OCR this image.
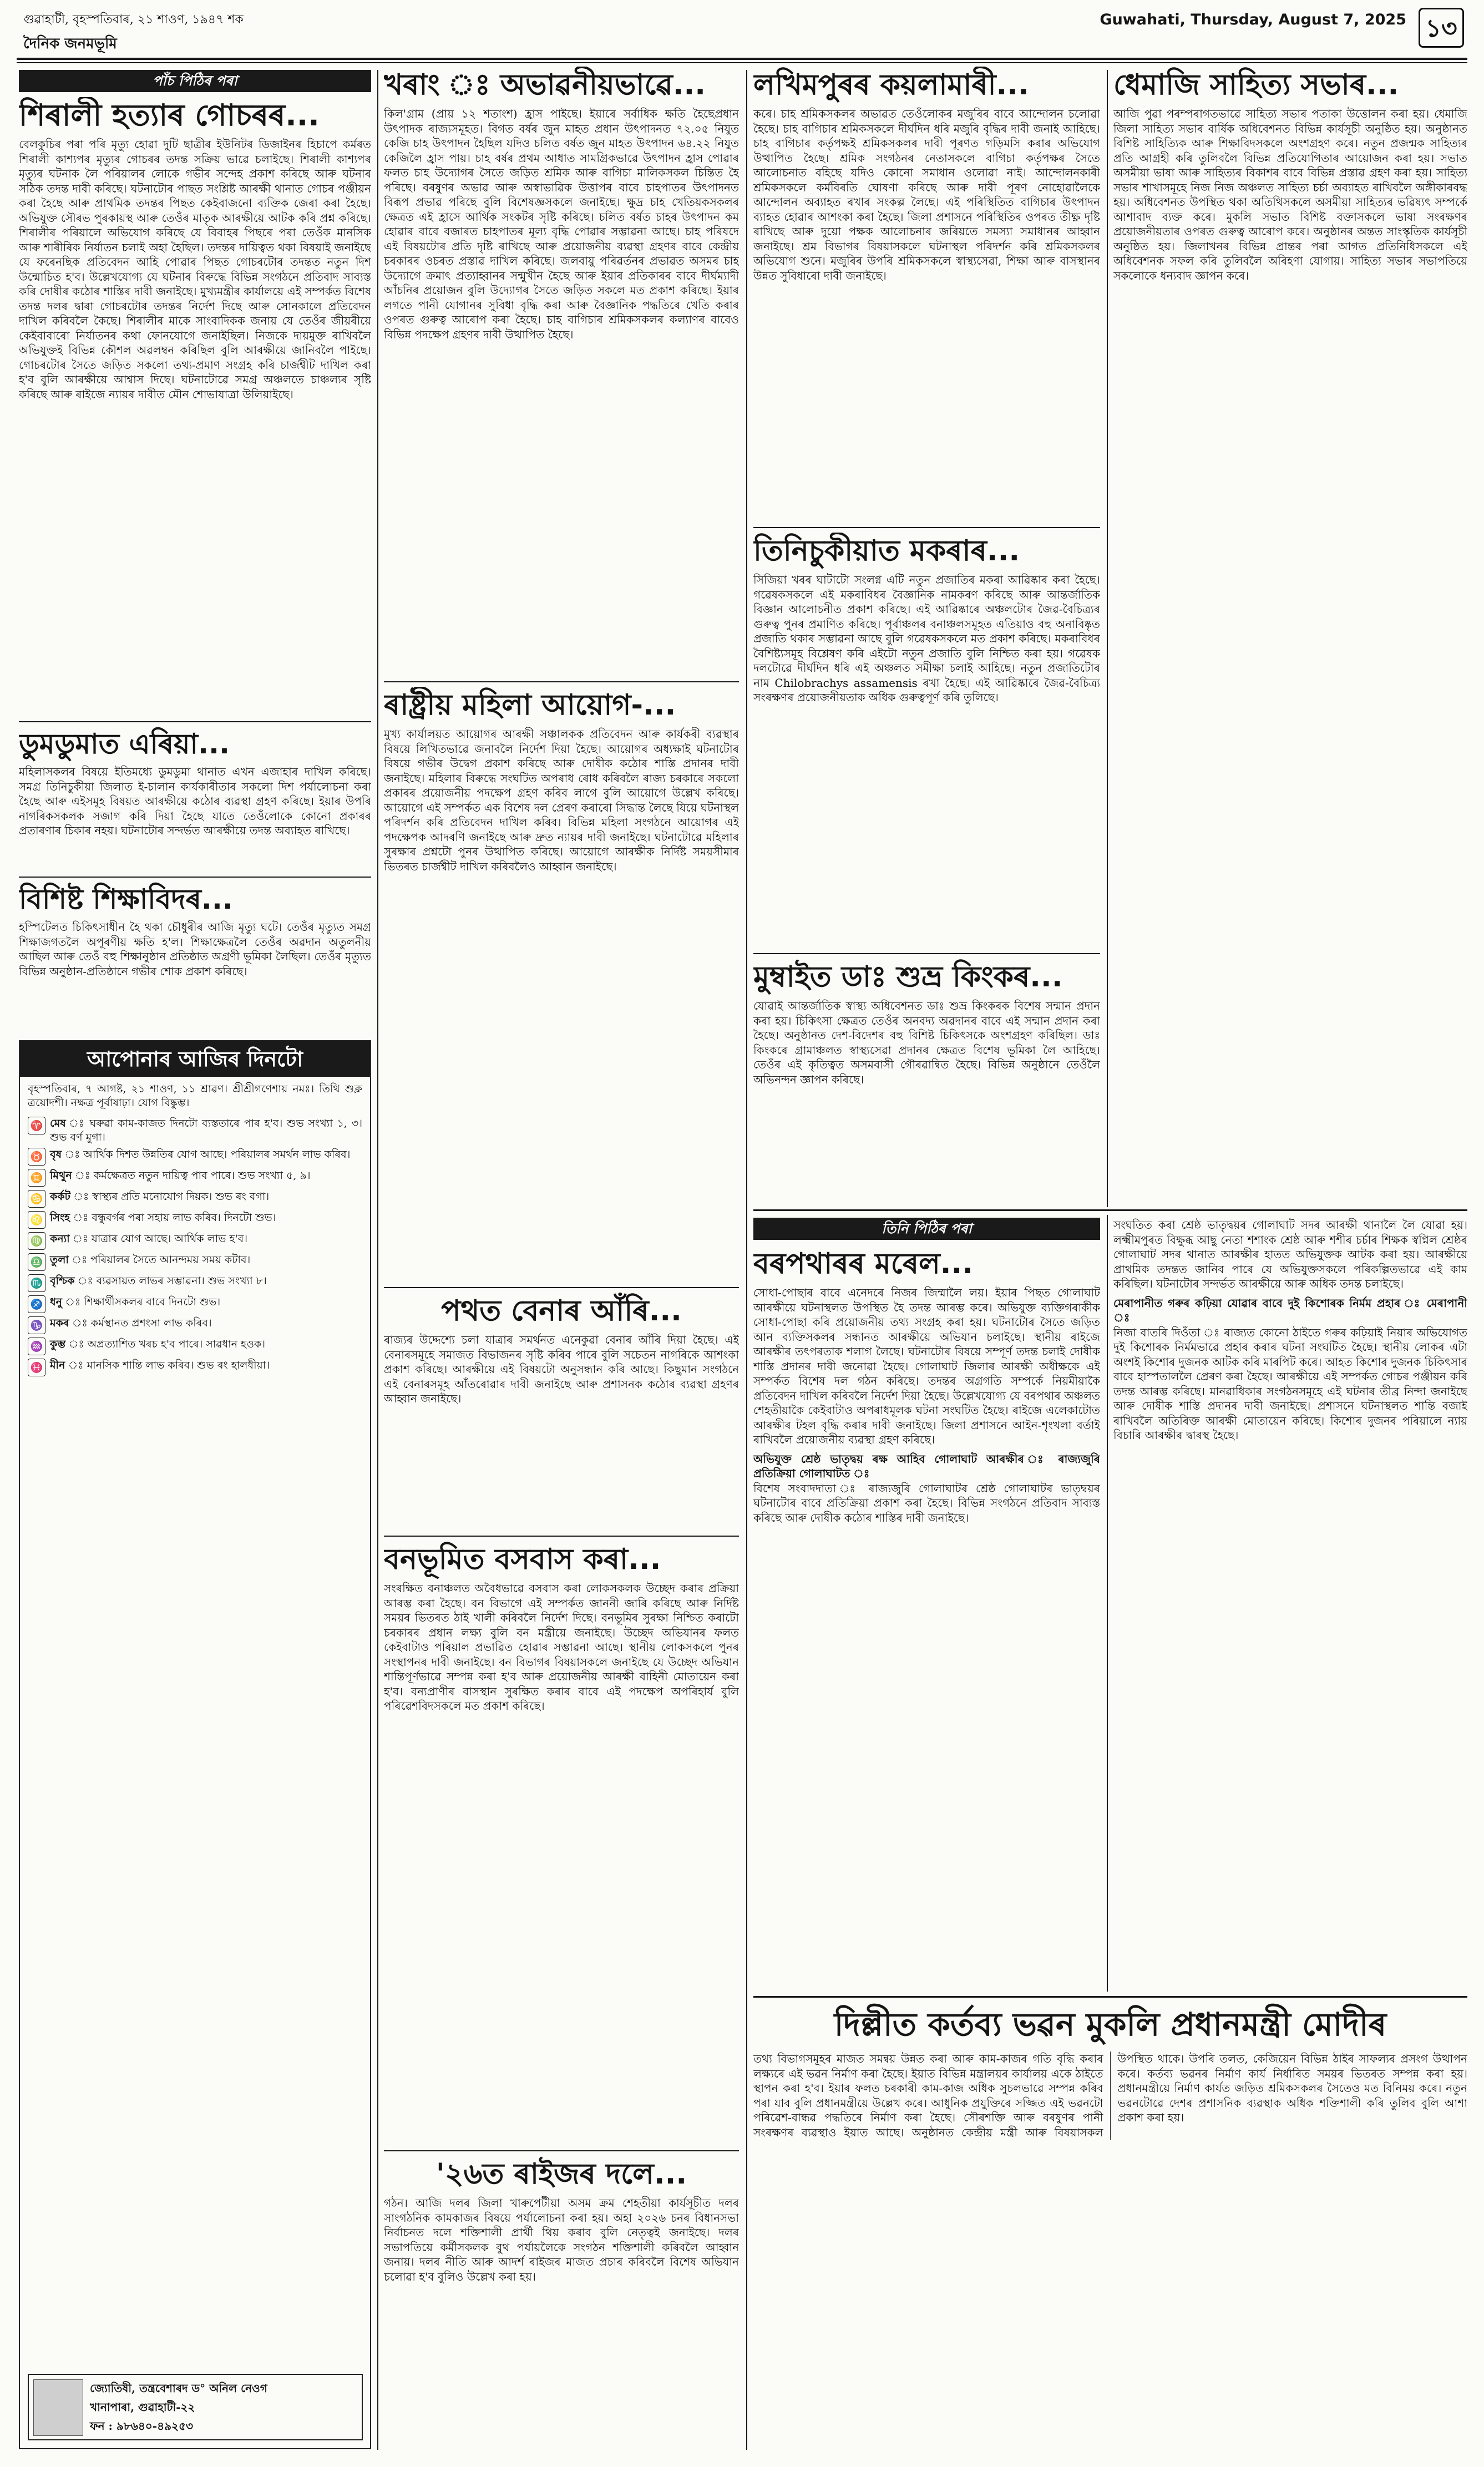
গুৱাহাটী, বৃহস্পতিবাৰ, ২১ শাওণ, ১৯৪৭ শক
দৈনিক জনমভূমি
Guwahati, Thursday, August 7, 2025 ১৩
পাঁচ পিঠিৰ পৰা
শিৰালী হত্যাৰ গোচৰৰ...

বেলকুচিৰ পৰা পৰি মৃত্যু হোৱা দুটি ছাত্ৰীৰ ইউনিটৰ ডিজাইনৰ হিচাপে কৰ্মৰত শিৰালী কাশ্যপৰ মৃত্যুৰ গোচৰৰ তদন্ত সক্ৰিয় ভাৱে চলাইছে। শিৰালী কাশ্যপৰ মৃত্যুৰ ঘটনাক লৈ পৰিয়ালৰ লোকে গভীৰ সন্দেহ প্ৰকাশ কৰিছে আৰু ঘটনাৰ সঠিক তদন্ত দাবী কৰিছে। ঘটনাটোৰ পাছত সংশ্লিষ্ট আৰক্ষী থানাত গোচৰ পঞ্জীয়ন কৰা হৈছে আৰু প্ৰাথমিক তদন্তৰ পিছত কেইবাজনো ব্যক্তিক জেৰা কৰা হৈছে। অভিযুক্ত সৌৰভ পুৰকায়স্থ আৰু তেওঁৰ মাতৃক আৰক্ষীয়ে আটক কৰি প্ৰশ্ন কৰিছে। শিৰালীৰ পৰিয়ালে অভিযোগ কৰিছে যে বিবাহৰ পিছৰে পৰা তেওঁক মানসিক আৰু শাৰীৰিক নিৰ্যাতন চলাই অহা হৈছিল। তদন্তৰ দায়িত্বত থকা বিষয়াই জনাইছে যে ফৰেনছিক প্ৰতিবেদন আহি পোৱাৰ পিছত গোচৰটোৰ তদন্তত নতুন দিশ উন্মোচিত হ'ব। উল্লেখযোগ্য যে ঘটনাৰ বিৰুদ্ধে বিভিন্ন সংগঠনে প্ৰতিবাদ সাব্যস্ত কৰি দোষীৰ কঠোৰ শাস্তিৰ দাবী জনাইছে। মুখ্যমন্ত্ৰীৰ কাৰ্যালয়ে এই সম্পৰ্কত বিশেষ তদন্ত দলৰ দ্বাৰা গোচৰটোৰ তদন্তৰ নিৰ্দেশ দিছে আৰু সোনকালে প্ৰতিবেদন দাখিল কৰিবলৈ কৈছে। শিৰালীৰ মাকে সাংবাদিকক জনায় যে তেওঁৰ জীয়ৰীয়ে কেইবাবাৰো নিৰ্যাতনৰ কথা ফোনযোগে জনাইছিল। নিজকে দায়মুক্ত ৰাখিবলৈ অভিযুক্তই বিভিন্ন কৌশল অৱলম্বন কৰিছিল বুলি আৰক্ষীয়ে জানিবলৈ পাইছে। গোচৰটোৰ সৈতে জড়িত সকলো তথ্য-প্ৰমাণ সংগ্ৰহ কৰি চাৰ্জশ্বীট দাখিল কৰা হ'ব বুলি আৰক্ষীয়ে আশ্বাস দিছে। ঘটনাটোৱে সমগ্ৰ অঞ্চলতে চাঞ্চল্যৰ সৃষ্টি কৰিছে আৰু ৰাইজে ন্যায়ৰ দাবীত মৌন শোভাযাত্ৰা উলিয়াইছে।

ডুমডুমাত এৰিয়া...

মহিলাসকলৰ বিষয়ে ইতিমধ্যে ডুমডুমা থানাত এখন এজাহাৰ দাখিল কৰিছে। সমগ্ৰ তিনিচুকীয়া জিলাত ই-চালান কাৰ্যকাৰীতাৰ সকলো দিশ পৰ্যালোচনা কৰা হৈছে আৰু এইসমূহ বিষয়ত আৰক্ষীয়ে কঠোৰ ব্যৱস্থা গ্ৰহণ কৰিছে। ইয়াৰ উপৰি নাগৰিকসকলক সজাগ কৰি দিয়া হৈছে যাতে তেওঁলোকে কোনো প্ৰকাৰৰ প্ৰতাৰণাৰ চিকাৰ নহয়। ঘটনাটোৰ সন্দৰ্ভত আৰক্ষীয়ে তদন্ত অব্যাহত ৰাখিছে।

বিশিষ্ট শিক্ষাবিদৰ...

হস্পিটেলত চিকিৎসাধীন হৈ থকা চৌধুৰীৰ আজি মৃত্যু ঘটে। তেওঁৰ মৃত্যুত সমগ্ৰ শিক্ষাজগতলৈ অপূৰণীয় ক্ষতি হ'ল। শিক্ষাক্ষেত্ৰলৈ তেওঁৰ অৱদান অতুলনীয় আছিল আৰু তেওঁ বহু শিক্ষানুষ্ঠান প্ৰতিষ্ঠাত অগ্ৰণী ভূমিকা লৈছিল। তেওঁৰ মৃত্যুত বিভিন্ন অনুষ্ঠান-প্ৰতিষ্ঠানে গভীৰ শোক প্ৰকাশ কৰিছে।

আপোনাৰ আজিৰ দিনটো

বৃহস্পতিবাৰ, ৭ আগষ্ট, ২১ শাওণ, ১১ শ্ৰাৱণ। শ্ৰীশ্ৰীগণেশায় নমঃ। তিথি শুক্ল ত্ৰয়োদশী। নক্ষত্ৰ পূৰ্বাষাঢ়া। যোগ বিষ্কুম্ভ।

♈ মেষ ঃ ঘৰুৱা কাম-কাজত দিনটো ব্যস্ততাৰে পাৰ হ'ব। শুভ সংখ্যা ১, ৩। শুভ বৰ্ণ মুগা।

♉ বৃষ ঃ আৰ্থিক দিশত উন্নতিৰ যোগ আছে। পৰিয়ালৰ সমৰ্থন লাভ কৰিব।

♊ মিথুন ঃ কৰ্মক্ষেত্ৰত নতুন দায়িত্ব পাব পাৰে। শুভ সংখ্যা ৫, ৯।

♋ কৰ্কট ঃ স্বাস্থ্যৰ প্ৰতি মনোযোগ দিয়ক। শুভ ৰং বগা।

♌ সিংহ ঃ বন্ধুবৰ্গৰ পৰা সহায় লাভ কৰিব। দিনটো শুভ।

♍ কন্যা ঃ যাত্ৰাৰ যোগ আছে। আৰ্থিক লাভ হ'ব।

♎ তুলা ঃ পৰিয়ালৰ সৈতে আনন্দময় সময় কটাব।

♏ বৃশ্চিক ঃ ব্যৱসায়ত লাভৰ সম্ভাৱনা। শুভ সংখ্যা ৮।

♐ ধনু ঃ শিক্ষাৰ্থীসকলৰ বাবে দিনটো শুভ।

♑ মকৰ ঃ কৰ্মস্থানত প্ৰশংসা লাভ কৰিব।

♒ কুম্ভ ঃ অপ্ৰত্যাশিত খৰচ হ'ব পাৰে। সাৱধান হওক।

♓ মীন ঃ মানসিক শান্তি লাভ কৰিব। শুভ ৰং হালধীয়া।

জ্যোতিষী, তন্ত্ৰবেশাৰদ ড° অনিল নেওগ
খানাপাৰা, গুৱাহাটী-২২
ফন : ৯৮৬৪০-৪৯২৫৩
খৰাং ঃ অভাৱনীয়ভাৱে...

কিল'গ্ৰাম (প্ৰায় ১২ শতাংশ) হ্ৰাস পাইছে। ইয়াৰে সৰ্বাধিক ক্ষতি হৈছেপ্ৰধান উৎপাদক ৰাজ্যসমূহত। বিগত বৰ্ষৰ জুন মাহত প্ৰধান উৎপাদনত ৭২.০৫ নিযুত কেজি চাহ উৎপাদন হৈছিল যদিও চলিত বৰ্ষত জুন মাহত উৎপাদন ৬৪.২২ নিযুত কেজিলৈ হ্ৰাস পায়। চাহ বৰ্ষৰ প্ৰথম আধাত সামগ্ৰিকভাৱে উৎপাদন হ্ৰাস পোৱাৰ ফলত চাহ উদ্যোগৰ সৈতে জড়িত শ্ৰমিক আৰু বাগিচা মালিকসকল চিন্তিত হৈ পৰিছে। বৰষুণৰ অভাৱ আৰু অস্বাভাৱিক উত্তাপৰ বাবে চাহপাতৰ উৎপাদনত বিৰূপ প্ৰভাৱ পৰিছে বুলি বিশেষজ্ঞসকলে জনাইছে। ক্ষুদ্ৰ চাহ খেতিয়কসকলৰ ক্ষেত্ৰত এই হ্ৰাসে আৰ্থিক সংকটৰ সৃষ্টি কৰিছে। চলিত বৰ্ষত চাহৰ উৎপাদন কম হোৱাৰ বাবে বজাৰত চাহপাতৰ মূল্য বৃদ্ধি পোৱাৰ সম্ভাৱনা আছে। চাহ পৰিষদে এই বিষয়টোৰ প্ৰতি দৃষ্টি ৰাখিছে আৰু প্ৰয়োজনীয় ব্যৱস্থা গ্ৰহণৰ বাবে কেন্দ্ৰীয় চৰকাৰৰ ওচৰত প্ৰস্তাৱ দাখিল কৰিছে। জলবায়ু পৰিৱৰ্তনৰ প্ৰভাৱত অসমৰ চাহ উদ্যোগে ক্ৰমাৎ প্ৰত্যাহ্বানৰ সন্মুখীন হৈছে আৰু ইয়াৰ প্ৰতিকাৰৰ বাবে দীৰ্ঘম্যাদী আঁচনিৰ প্ৰয়োজন বুলি উদ্যোগৰ সৈতে জড়িত সকলে মত প্ৰকাশ কৰিছে। ইয়াৰ লগতে পানী যোগানৰ সুবিধা বৃদ্ধি কৰা আৰু বৈজ্ঞানিক পদ্ধতিৰে খেতি কৰাৰ ওপৰত গুৰুত্ব আৰোপ কৰা হৈছে। চাহ বাগিচাৰ শ্ৰমিকসকলৰ কল্যাণৰ বাবেও বিভিন্ন পদক্ষেপ গ্ৰহণৰ দাবী উত্থাপিত হৈছে।

ৰাষ্ট্ৰীয় মহিলা আয়োগ-...

মুখ্য কাৰ্যালয়ত আয়োগৰ আৰক্ষী সঞ্চালকক প্ৰতিবেদন আৰু কাৰ্যকৰী ব্যৱস্থাৰ বিষয়ে লিখিতভাৱে জনাবলৈ নিৰ্দেশ দিয়া হৈছে। আয়োগৰ অধ্যক্ষাই ঘটনাটোৰ বিষয়ে গভীৰ উদ্বেগ প্ৰকাশ কৰিছে আৰু দোষীক কঠোৰ শাস্তি প্ৰদানৰ দাবী জনাইছে। মহিলাৰ বিৰুদ্ধে সংঘটিত অপৰাধ ৰোধ কৰিবলৈ ৰাজ্য চৰকাৰে সকলো প্ৰকাৰৰ প্ৰয়োজনীয় পদক্ষেপ গ্ৰহণ কৰিব লাগে বুলি আয়োগে উল্লেখ কৰিছে। আয়োগে এই সম্পৰ্কত এক বিশেষ দল প্ৰেৰণ কৰাৰো সিদ্ধান্ত লৈছে যিয়ে ঘটনাস্থল পৰিদৰ্শন কৰি প্ৰতিবেদন দাখিল কৰিব। বিভিন্ন মহিলা সংগঠনে আয়োগৰ এই পদক্ষেপক আদৰণি জনাইছে আৰু দ্ৰুত ন্যায়ৰ দাবী জনাইছে। ঘটনাটোৱে মহিলাৰ সুৰক্ষাৰ প্ৰশ্নটো পুনৰ উত্থাপিত কৰিছে। আয়োগে আৰক্ষীক নিৰ্দিষ্ট সময়সীমাৰ ভিতৰত চাৰ্জশ্বীট দাখিল কৰিবলৈও আহ্বান জনাইছে।

পথত বেনাৰ আঁৰি...

ৰাজ্যৰ উদ্দেশ্যে চলা যাত্ৰাৰ সমৰ্থনত এনেকুৱা বেনাৰ আঁৰি দিয়া হৈছে। এই বেনাৰসমূহে সমাজত বিভাজনৰ সৃষ্টি কৰিব পাৰে বুলি সচেতন নাগৰিকে আশংকা প্ৰকাশ কৰিছে। আৰক্ষীয়ে এই বিষয়টো অনুসন্ধান কৰি আছে। কিছুমান সংগঠনে এই বেনাৰসমূহ আঁতৰোৱাৰ দাবী জনাইছে আৰু প্ৰশাসনক কঠোৰ ব্যৱস্থা গ্ৰহণৰ আহ্বান জনাইছে।

বনভূমিত বসবাস কৰা...

সংৰক্ষিত বনাঞ্চলত অবৈধভাৱে বসবাস কৰা লোকসকলক উচ্ছেদ কৰাৰ প্ৰক্ৰিয়া আৰম্ভ কৰা হৈছে। বন বিভাগে এই সম্পৰ্কত জাননী জাৰি কৰিছে আৰু নিৰ্দিষ্ট সময়ৰ ভিতৰত ঠাই খালী কৰিবলৈ নিৰ্দেশ দিছে। বনভূমিৰ সুৰক্ষা নিশ্চিত কৰাটো চৰকাৰৰ প্ৰধান লক্ষ্য বুলি বন মন্ত্ৰীয়ে জনাইছে। উচ্ছেদ অভিযানৰ ফলত কেইবাটাও পৰিয়াল প্ৰভাৱিত হোৱাৰ সম্ভাৱনা আছে। স্থানীয় লোকসকলে পুনৰ সংস্থাপনৰ দাবী জনাইছে। বন বিভাগৰ বিষয়াসকলে জনাইছে যে উচ্ছেদ অভিযান শান্তিপূৰ্ণভাৱে সম্পন্ন কৰা হ'ব আৰু প্ৰয়োজনীয় আৰক্ষী বাহিনী মোতায়েন কৰা হ'ব। বন্যপ্ৰাণীৰ বাসস্থান সুৰক্ষিত কৰাৰ বাবে এই পদক্ষেপ অপৰিহাৰ্য বুলি পৰিৱেশবিদসকলে মত প্ৰকাশ কৰিছে।

'২৬ত ৰাইজৰ দলে...

গঠন। আজি দলৰ জিলা খাৰুপেটীয়া অসম ক্ৰম শেহতীয়া কাৰ্যসূচীত দলৰ সাংগঠনিক কামকাজৰ বিষয়ে পৰ্যালোচনা কৰা হয়। অহা ২০২৬ চনৰ বিধানসভা নিৰ্বাচনত দলে শক্তিশালী প্ৰাৰ্থী থিয় কৰাব বুলি নেতৃত্বই জনাইছে। দলৰ সভাপতিয়ে কৰ্মীসকলক বুথ পৰ্যায়লৈকে সংগঠন শক্তিশালী কৰিবলৈ আহ্বান জনায়। দলৰ নীতি আৰু আদৰ্শ ৰাইজৰ মাজত প্ৰচাৰ কৰিবলৈ বিশেষ অভিযান চলোৱা হ'ব বুলিও উল্লেখ কৰা হয়।

লখিমপুৰৰ কয়লামাৰী...

কৰে। চাহ শ্ৰমিকসকলৰ অভাৱত তেওঁলোকৰ মজুৰিৰ বাবে আন্দোলন চলোৱা হৈছে। চাহ বাগিচাৰ শ্ৰমিকসকলে দীৰ্ঘদিন ধৰি মজুৰি বৃদ্ধিৰ দাবী জনাই আহিছে। চাহ বাগিচাৰ কৰ্তৃপক্ষই শ্ৰমিকসকলৰ দাবী পূৰণত গড়িমসি কৰাৰ অভিযোগ উত্থাপিত হৈছে। শ্ৰমিক সংগঠনৰ নেতাসকলে বাগিচা কৰ্তৃপক্ষৰ সৈতে আলোচনাত বহিছে যদিও কোনো সমাধান ওলোৱা নাই। আন্দোলনকাৰী শ্ৰমিকসকলে কৰ্মবিৰতি ঘোষণা কৰিছে আৰু দাবী পূৰণ নোহোৱালৈকে আন্দোলন অব্যাহত ৰখাৰ সংকল্প লৈছে। এই পৰিস্থিতিত বাগিচাৰ উৎপাদন ব্যাহত হোৱাৰ আশংকা কৰা হৈছে। জিলা প্ৰশাসনে পৰিস্থিতিৰ ওপৰত তীক্ষ্ণ দৃষ্টি ৰাখিছে আৰু দুয়ো পক্ষক আলোচনাৰ জৰিয়তে সমস্যা সমাধানৰ আহ্বান জনাইছে। শ্ৰম বিভাগৰ বিষয়াসকলে ঘটনাস্থল পৰিদৰ্শন কৰি শ্ৰমিকসকলৰ অভিযোগ শুনে। মজুৰিৰ উপৰি শ্ৰমিকসকলে স্বাস্থ্যসেৱা, শিক্ষা আৰু বাসস্থানৰ উন্নত সুবিধাৰো দাবী জনাইছে।

তিনিচুকীয়াত মকৰাৰ...

সিজিয়া খৰৰ ঘাটাটো সংলগ্ন এটি নতুন প্ৰজাতিৰ মকৰা আৱিষ্কাৰ কৰা হৈছে। গৱেষকসকলে এই মকৰাবিধৰ বৈজ্ঞানিক নামকৰণ কৰিছে আৰু আন্তৰ্জাতিক বিজ্ঞান আলোচনীত প্ৰকাশ কৰিছে। এই আৱিষ্কাৰে অঞ্চলটোৰ জৈৱ-বৈচিত্ৰ্যৰ গুৰুত্ব পুনৰ প্ৰমাণিত কৰিছে। পূৰ্বাঞ্চলৰ বনাঞ্চলসমূহত এতিয়াও বহু অনাবিষ্কৃত প্ৰজাতি থকাৰ সম্ভাৱনা আছে বুলি গৱেষকসকলে মত প্ৰকাশ কৰিছে। মকৰাবিধৰ বৈশিষ্ট্যসমূহ বিশ্লেষণ কৰি এইটো নতুন প্ৰজাতি বুলি নিশ্চিত কৰা হয়। গৱেষক দলটোৱে দীৰ্ঘদিন ধৰি এই অঞ্চলত সমীক্ষা চলাই আহিছে। নতুন প্ৰজাতিটোৰ নাম Chilobrachys assamensis ৰখা হৈছে। এই আৱিষ্কাৰে জৈৱ-বৈচিত্ৰ্য সংৰক্ষণৰ প্ৰয়োজনীয়তাক অধিক গুৰুত্বপূৰ্ণ কৰি তুলিছে।

মুম্বাইত ডাঃ শুভ্ৰ কিংকৰ...

যোৱাই আন্তৰ্জাতিক স্বাস্থ্য অধিবেশনত ডাঃ শুভ্ৰ কিংকৰক বিশেষ সন্মান প্ৰদান কৰা হয়। চিকিৎসা ক্ষেত্ৰত তেওঁৰ অনবদ্য অৱদানৰ বাবে এই সন্মান প্ৰদান কৰা হৈছে। অনুষ্ঠানত দেশ-বিদেশৰ বহু বিশিষ্ট চিকিৎসকে অংশগ্ৰহণ কৰিছিল। ডাঃ কিংকৰে গ্ৰামাঞ্চলত স্বাস্থ্যসেৱা প্ৰদানৰ ক্ষেত্ৰত বিশেষ ভূমিকা লৈ আহিছে। তেওঁৰ এই কৃতিত্বত অসমবাসী গৌৰৱান্বিত হৈছে। বিভিন্ন অনুষ্ঠানে তেওঁলৈ অভিনন্দন জ্ঞাপন কৰিছে।

ধেমাজি সাহিত্য সভাৰ...

আজি পুৱা পৰম্পৰাগতভাৱে সাহিত্য সভাৰ পতাকা উত্তোলন কৰা হয়। ধেমাজি জিলা সাহিত্য সভাৰ বাৰ্ষিক অধিবেশনত বিভিন্ন কাৰ্যসূচী অনুষ্ঠিত হয়। অনুষ্ঠানত বিশিষ্ট সাহিত্যিক আৰু শিক্ষাবিদসকলে অংশগ্ৰহণ কৰে। নতুন প্ৰজন্মক সাহিত্যৰ প্ৰতি আগ্ৰহী কৰি তুলিবলৈ বিভিন্ন প্ৰতিযোগিতাৰ আয়োজন কৰা হয়। সভাত অসমীয়া ভাষা আৰু সাহিত্যৰ বিকাশৰ বাবে বিভিন্ন প্ৰস্তাৱ গ্ৰহণ কৰা হয়। সাহিত্য সভাৰ শাখাসমূহে নিজ নিজ অঞ্চলত সাহিত্য চৰ্চা অব্যাহত ৰাখিবলৈ অঙ্গীকাৰবদ্ধ হয়। অধিবেশনত উপস্থিত থকা অতিথিসকলে অসমীয়া সাহিত্যৰ ভৱিষ্যৎ সম্পৰ্কে আশাবাদ ব্যক্ত কৰে। মুকলি সভাত বিশিষ্ট বক্তাসকলে ভাষা সংৰক্ষণৰ প্ৰয়োজনীয়তাৰ ওপৰত গুৰুত্ব আৰোপ কৰে। অনুষ্ঠানৰ অন্তত সাংস্কৃতিক কাৰ্যসূচী অনুষ্ঠিত হয়। জিলাখনৰ বিভিন্ন প্ৰান্তৰ পৰা আগত প্ৰতিনিধিসকলে এই অধিবেশনক সফল কৰি তুলিবলৈ অৰিহণা যোগায়। সাহিত্য সভাৰ সভাপতিয়ে সকলোকে ধন্যবাদ জ্ঞাপন কৰে।

তিনি পিঠিৰ পৰা
বৰপথাৰৰ মৰেল...

সোধা-পোছাৰ বাবে এনেদৰে নিজৰ জিম্মালৈ লয়। ইয়াৰ পিছত গোলাঘাট আৰক্ষীয়ে ঘটনাস্থলত উপস্থিত হৈ তদন্ত আৰম্ভ কৰে। অভিযুক্ত ব্যক্তিগৰাকীক সোধা-পোছা কৰি প্ৰয়োজনীয় তথ্য সংগ্ৰহ কৰা হয়। ঘটনাটোৰ সৈতে জড়িত আন ব্যক্তিসকলৰ সন্ধানত আৰক্ষীয়ে অভিযান চলাইছে। স্থানীয় ৰাইজে আৰক্ষীৰ তৎপৰতাক শলাগ লৈছে। ঘটনাটোৰ বিষয়ে সম্পূৰ্ণ তদন্ত চলাই দোষীক শাস্তি প্ৰদানৰ দাবী জনোৱা হৈছে। গোলাঘাট জিলাৰ আৰক্ষী অধীক্ষকে এই সম্পৰ্কত বিশেষ দল গঠন কৰিছে। তদন্তৰ অগ্ৰগতি সম্পৰ্কে নিয়মীয়াকৈ প্ৰতিবেদন দাখিল কৰিবলৈ নিৰ্দেশ দিয়া হৈছে। উল্লেখযোগ্য যে বৰপথাৰ অঞ্চলত শেহতীয়াকৈ কেইবাটাও অপৰাধমূলক ঘটনা সংঘটিত হৈছে। ৰাইজে এলেকাটোত আৰক্ষীৰ টহল বৃদ্ধি কৰাৰ দাবী জনাইছে। জিলা প্ৰশাসনে আইন-শৃংখলা বৰ্তাই ৰাখিবলৈ প্ৰয়োজনীয় ব্যৱস্থা গ্ৰহণ কৰিছে।

অভিযুক্ত শ্ৰেষ্ঠ ভাতৃদ্বয় ৰক্ষ আহিব গোলাঘাট আৰক্ষীৰ ঃ ৰাজ্যজুৰি প্ৰতিক্ৰিয়া গোলাঘাটত ঃ

বিশেষ সংবাদদাতা ঃ ৰাজ্যজুৰি গোলাঘাটৰ শ্ৰেষ্ঠ গোলাঘাটৰ ভাতৃদ্বয়ৰ ঘটনাটোৰ বাবে প্ৰতিক্ৰিয়া প্ৰকাশ কৰা হৈছে। বিভিন্ন সংগঠনে প্ৰতিবাদ সাব্যস্ত কৰিছে আৰু দোষীক কঠোৰ শাস্তিৰ দাবী জনাইছে।

সংঘতিত কৰা শ্ৰেষ্ঠ ভাতৃদ্বয়ৰ গোলাঘাট সদৰ আৰক্ষী থানালৈ লৈ যোৱা হয়। লক্ষ্মীমপুৰত বিক্ষুব্ধ আছু নেতা শশাংক শ্ৰেষ্ঠ আৰু শশীৰ চৰ্চাৰ শিক্ষক স্বপ্নিল শ্ৰেষ্ঠৰ গোলাঘাট সদৰ থানাত আৰক্ষীৰ হাতত অভিযুক্তক আটক কৰা হয়। আৰক্ষীয়ে প্ৰাথমিক তদন্তত জানিব পাৰে যে অভিযুক্তসকলে পৰিকল্পিতভাৱে এই কাম কৰিছিল। ঘটনাটোৰ সন্দৰ্ভত আৰক্ষীয়ে আৰু অধিক তদন্ত চলাইছে।

মেৰাপানীত গৰুৰ কঢ়িয়া যোৱাৰ বাবে দুই কিশোৰক নিৰ্মম প্ৰহাৰ ঃ মেৰাপানী ঃ

নিজা বাতৰি দিওঁতা ঃ ৰাজ্যত কোনো ঠাইতে গৰুৰ কঢ়িয়াই নিয়াৰ অভিযোগত দুই কিশোৰক নিৰ্মমভাৱে প্ৰহাৰ কৰাৰ ঘটনা সংঘটিত হৈছে। স্থানীয় লোকৰ এটা অংশই কিশোৰ দুজনক আটক কৰি মাৰপিট কৰে। আহত কিশোৰ দুজনক চিকিৎসাৰ বাবে হাস্পতাললৈ প্ৰেৰণ কৰা হৈছে। আৰক্ষীয়ে এই সম্পৰ্কত গোচৰ পঞ্জীয়ন কৰি তদন্ত আৰম্ভ কৰিছে। মানৱাধিকাৰ সংগঠনসমূহে এই ঘটনাৰ তীব্ৰ নিন্দা জনাইছে আৰু দোষীক শাস্তি প্ৰদানৰ দাবী জনাইছে। প্ৰশাসনে ঘটনাস্থলত শান্তি বজাই ৰাখিবলৈ অতিৰিক্ত আৰক্ষী মোতায়েন কৰিছে। কিশোৰ দুজনৰ পৰিয়ালে ন্যায় বিচাৰি আৰক্ষীৰ দ্বাৰস্থ হৈছে।

দিল্লীত কৰ্তব্য ভৱন মুকলি প্ৰধানমন্ত্ৰী মোদীৰ

তথ্য বিভাগসমূহৰ মাজত সমন্বয় উন্নত কৰা আৰু কাম-কাজৰ গতি বৃদ্ধি কৰাৰ লক্ষ্যৰে এই ভৱন নিৰ্মাণ কৰা হৈছে। ইয়াত বিভিন্ন মন্ত্ৰালয়ৰ কাৰ্যালয় একে ঠাইতে স্থাপন কৰা হ'ব। ইয়াৰ ফলত চৰকাৰী কাম-কাজ অধিক সুচলভাৱে সম্পন্ন কৰিব পৰা যাব বুলি প্ৰধানমন্ত্ৰীয়ে উল্লেখ কৰে। আধুনিক প্ৰযুক্তিৰে সজ্জিত এই ভৱনটো পৰিৱেশ-বান্ধৱ পদ্ধতিৰে নিৰ্মাণ কৰা হৈছে। সৌৰশক্তি আৰু বৰষুণৰ পানী সংৰক্ষণৰ ব্যৱস্থাও ইয়াত আছে। অনুষ্ঠানত কেন্দ্ৰীয় মন্ত্ৰী আৰু বিষয়াসকল উপস্থিত থাকে। উপৰি তলত, কেজিয়েন বিভিন্ন ঠাইৰ সাফল্যৰ প্ৰসংগ উত্থাপন কৰে। কৰ্তব্য ভৱনৰ নিৰ্মাণ কাৰ্য নিৰ্ধাৰিত সময়ৰ ভিতৰত সম্পন্ন কৰা হয়। প্ৰধানমন্ত্ৰীয়ে নিৰ্মাণ কাৰ্যত জড়িত শ্ৰমিকসকলৰ সৈতেও মত বিনিময় কৰে। নতুন ভৱনটোৱে দেশৰ প্ৰশাসনিক ব্যৱস্থাক অধিক শক্তিশালী কৰি তুলিব বুলি আশা প্ৰকাশ কৰা হয়।
